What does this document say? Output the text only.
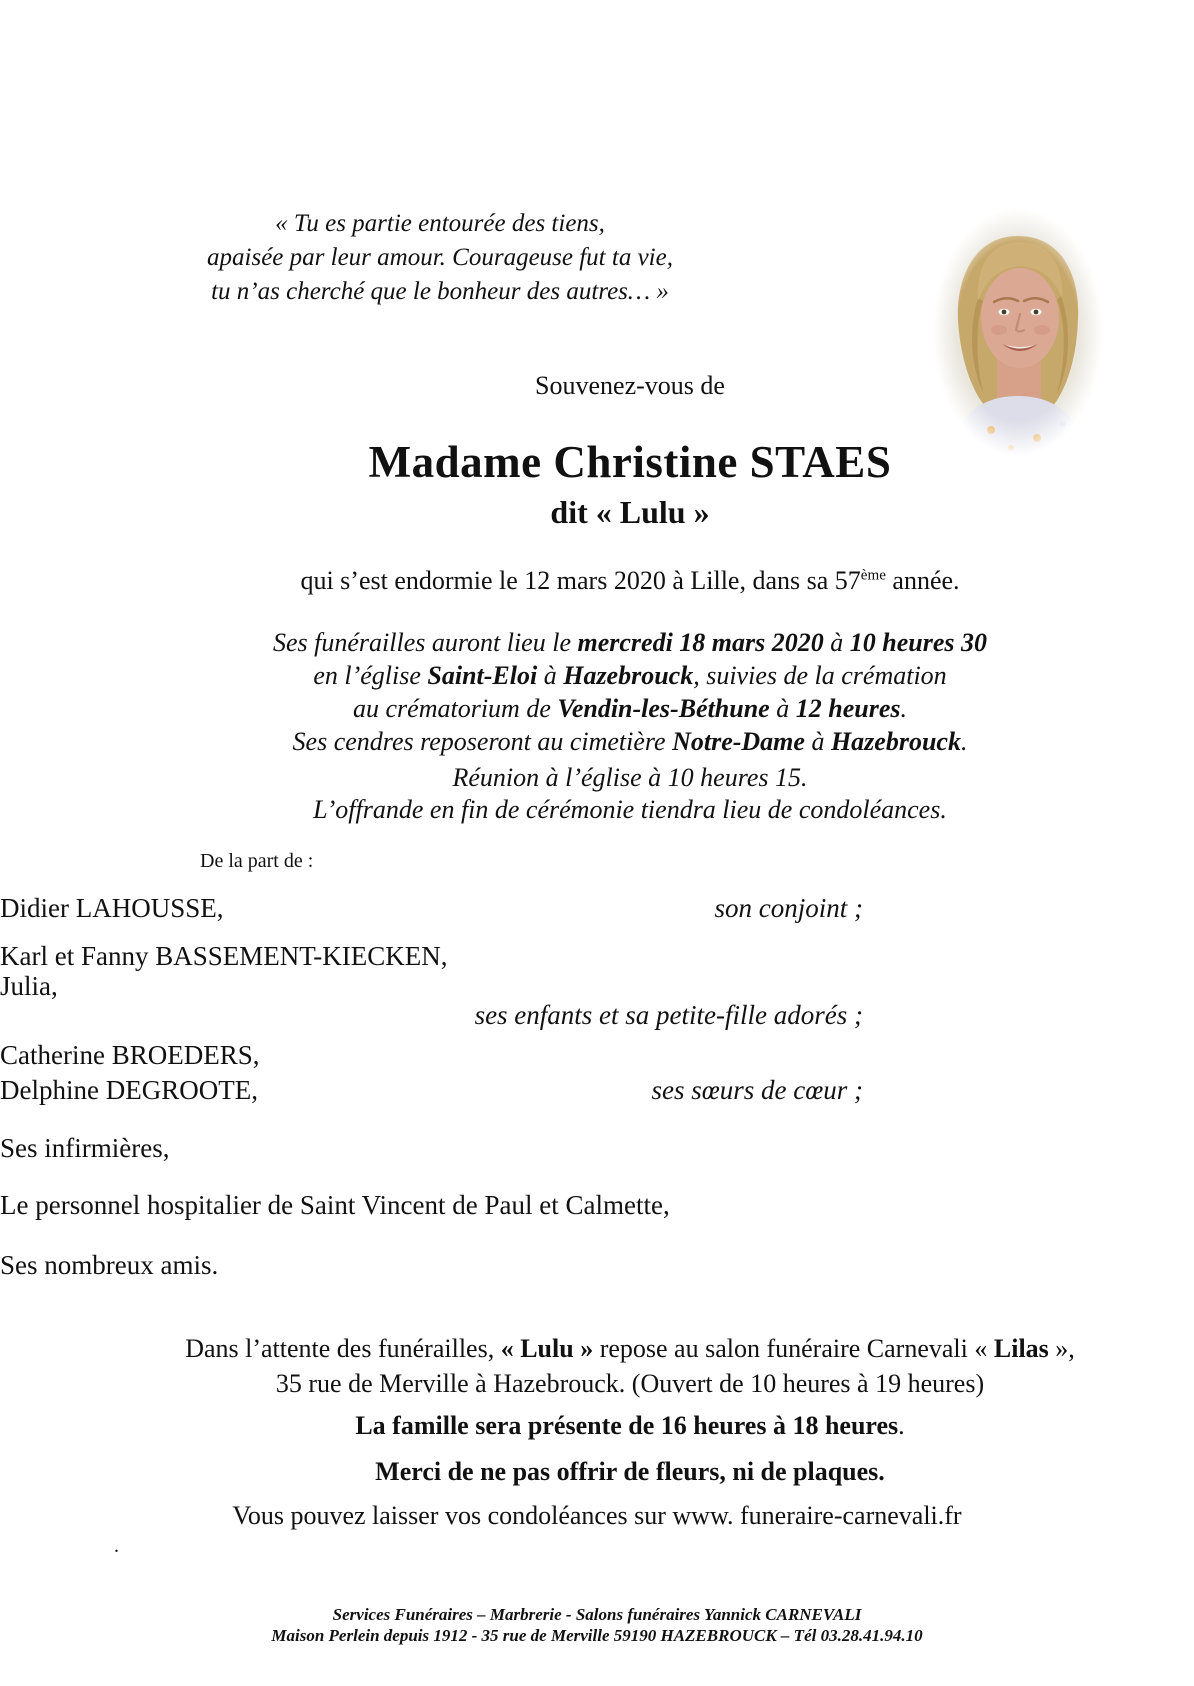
« Tu es partie entourée des tiens,
apaisée par leur amour. Courageuse fut ta vie,
tu n’as cherché que le bonheur des autres… »
Souvenez-vous de
Madame Christine STAES
dit « Lulu »
qui s’est endormie le 12 mars 2020 à Lille, dans sa 57ème année.
Ses funérailles auront lieu le mercredi 18 mars 2020 à 10 heures 30
en l’église Saint-Eloi à Hazebrouck, suivies de la crémation
au crématorium de Vendin-les-Béthune à 12 heures.
Ses cendres reposeront au cimetière Notre-Dame à Hazebrouck.
Réunion à l’église à 10 heures 15.
L’offrande en fin de cérémonie tiendra lieu de condoléances.
De la part de :
Didier LAHOUSSE,	son conjoint ;
Karl et Fanny BASSEMENT-KIECKEN,
Julia,
ses enfants et sa petite-fille adorés ;
Catherine BROEDERS,
Delphine DEGROOTE,	ses sœurs de cœur ;
Ses infirmières,
Le personnel hospitalier de Saint Vincent de Paul et Calmette,
Ses nombreux amis.
Dans l’attente des funérailles, « Lulu » repose au salon funéraire Carnevali « Lilas »,
35 rue de Merville à Hazebrouck. (Ouvert de 10 heures à 19 heures)
La famille sera présente de 16 heures à 18 heures.
Merci de ne pas offrir de fleurs, ni de plaques.
Vous pouvez laisser vos condoléances sur www. funeraire-carnevali.fr
.
Services Funéraires – Marbrerie - Salons funéraires Yannick CARNEVALI
Maison Perlein depuis 1912 - 35 rue de Merville 59190 HAZEBROUCK – Tél 03.28.41.94.10
